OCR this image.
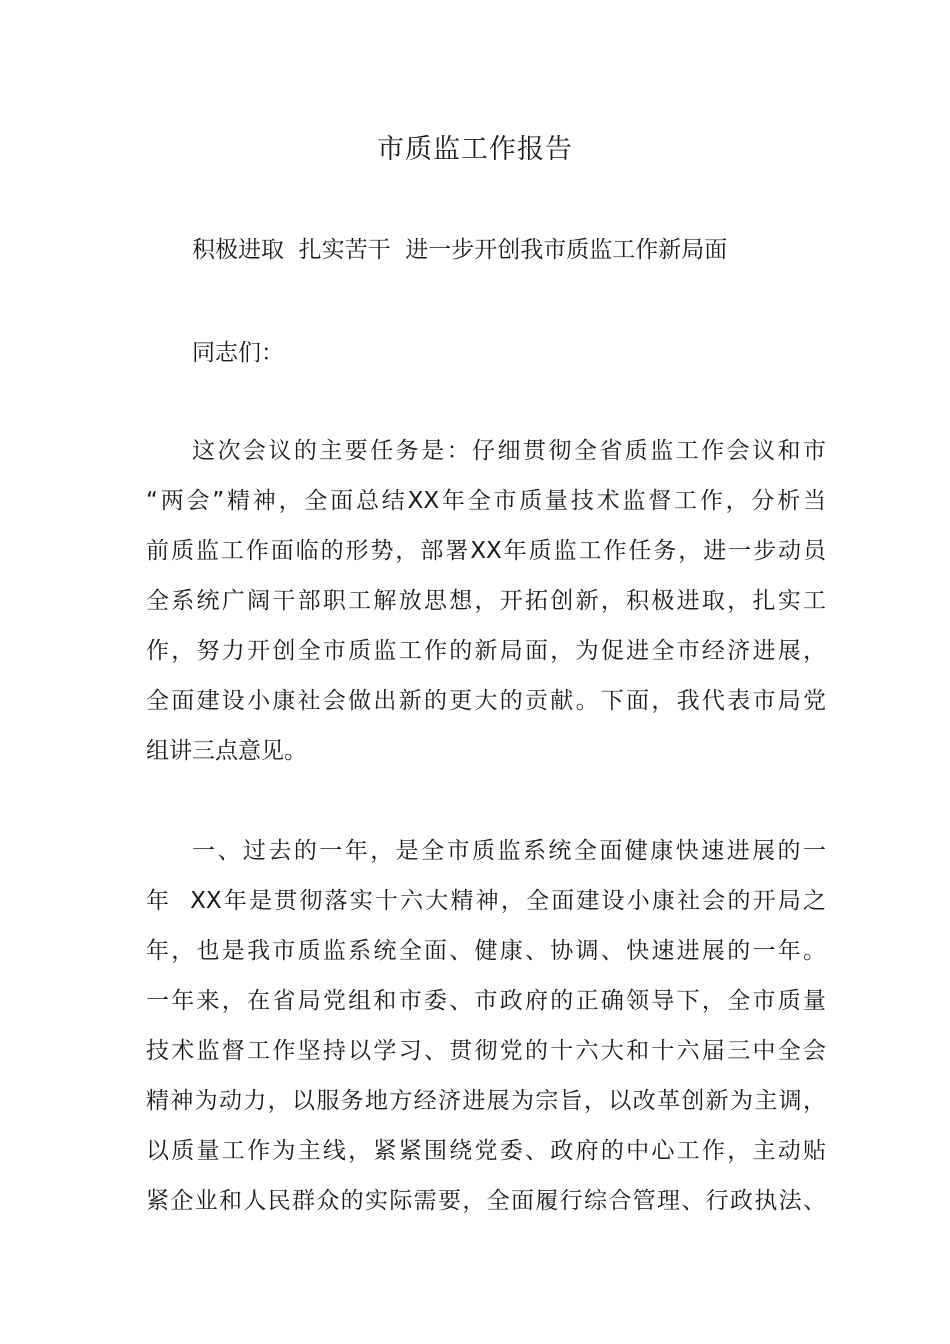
市质监工作报告

积极进取  扎实苦干  进一步开创我市质监工作新局面

同志们：

这次会议的主要任务是：仔细贯彻全省质监工作会议和市
“两会”精神，全面总结XX年全市质量技术监督工作，分析当
前质监工作面临的形势，部署XX年质监工作任务，进一步动员
全系统广阔干部职工解放思想，开拓创新，积极进取，扎实工
作，努力开创全市质监工作的新局面，为促进全市经济进展，
全面建设小康社会做出新的更大的贡献。下面，我代表市局党
组讲三点意见。
一、过去的一年，是全市质监系统全面健康快速进展的一
年  XX年是贯彻落实十六大精神，全面建设小康社会的开局之
年，也是我市质监系统全面、健康、协调、快速进展的一年。
一年来，在省局党组和市委、市政府的正确领导下，全市质量
技术监督工作坚持以学习、贯彻党的十六大和十六届三中全会
精神为动力，以服务地方经济进展为宗旨，以改革创新为主调，
以质量工作为主线，紧紧围绕党委、政府的中心工作，主动贴
紧企业和人民群众的实际需要，全面履行综合管理、行政执法、
